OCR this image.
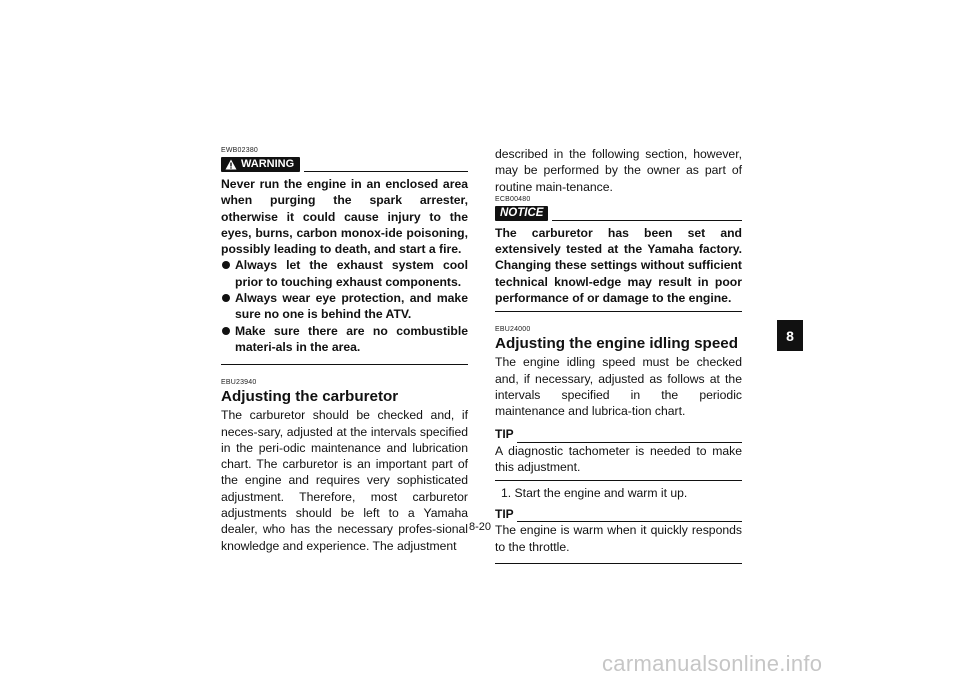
EWB02380
WARNING

Never run the engine in an enclosed area when purging the spark arrester, otherwise it could cause injury to the eyes, burns, carbon monox-ide poisoning, possibly leading to death, and start a fire.

Always let the exhaust system cool prior to touching exhaust components.
Always wear eye protection, and make sure no one is behind the ATV.
Make sure there are no combustible materi-als in the area.
EBU23940
Adjusting the carburetor

The carburetor should be checked and, if neces-sary, adjusted at the intervals specified in the peri-odic maintenance and lubrication chart. The carburetor is an important part of the engine and requires very sophisticated adjustment. Therefore, most carburetor adjustments should be left to a Yamaha dealer, who has the necessary profes-sional knowledge and experience. The adjustment

described in the following section, however, may be performed by the owner as part of routine main-tenance.

ECB00480
NOTICE

The carburetor has been set and extensively tested at the Yamaha factory. Changing these settings without sufficient technical knowl-edge may result in poor performance of or damage to the engine.

EBU24000
Adjusting the engine idling speed

The engine idling speed must be checked and, if necessary, adjusted as follows at the intervals specified in the periodic maintenance and lubrica-tion chart.

TIP

A diagnostic tachometer is needed to make this adjustment.

1. Start the engine and warm it up.
TIP

The engine is warm when it quickly responds to the throttle.

8-20
8
carmanualsonline.info
